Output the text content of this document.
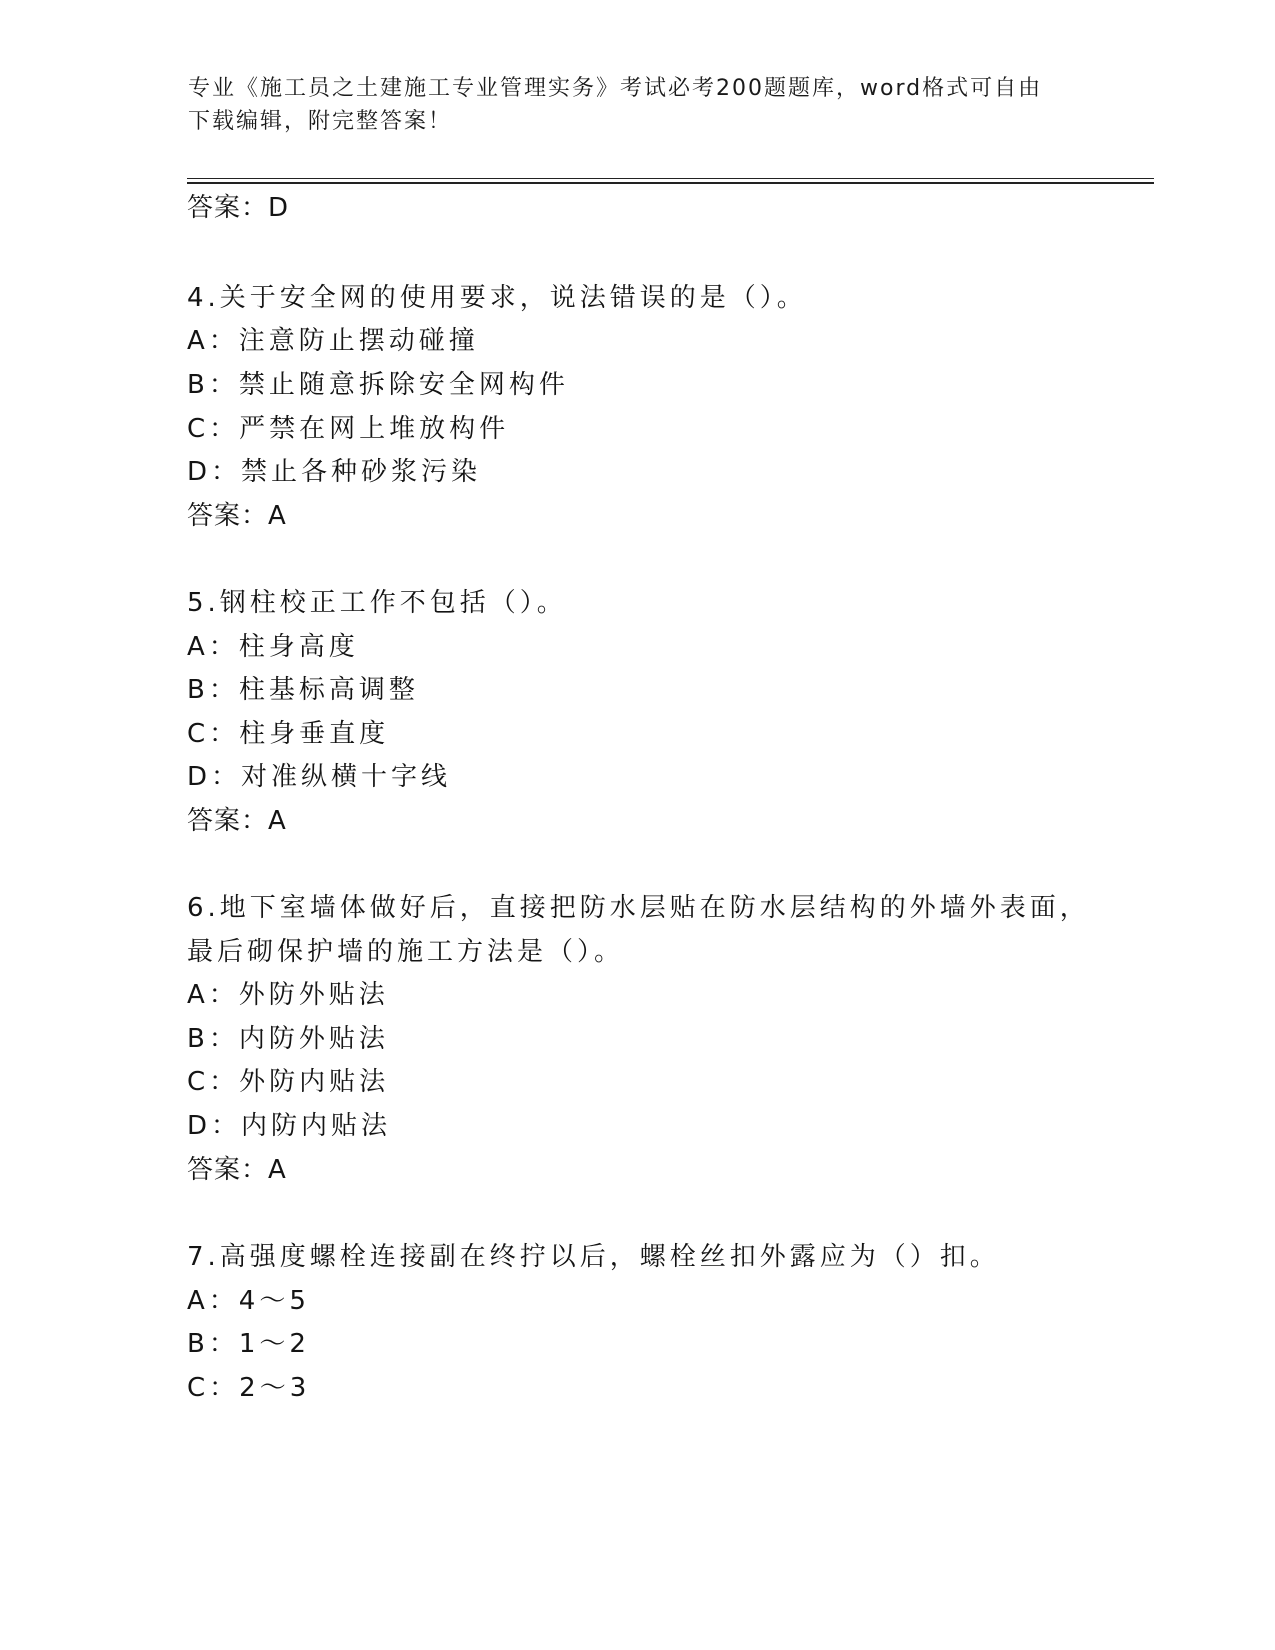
专业《施工员之土建施工专业管理实务》考试必考200题题库，word格式可自由
下载编辑，附完整答案！
答案：D
4.关于安全网的使用要求，说法错误的是（）。
A：注意防止摆动碰撞
B：禁止随意拆除安全网构件
C：严禁在网上堆放构件
D：禁止各种砂浆污染
答案：A
5.钢柱校正工作不包括（）。
A：柱身高度
B：柱基标高调整
C：柱身垂直度
D：对准纵横十字线
答案：A
6.地下室墙体做好后，直接把防水层贴在防水层结构的外墙外表面，
最后砌保护墙的施工方法是（）。
A：外防外贴法
B：内防外贴法
C：外防内贴法
D：内防内贴法
答案：A
7.高强度螺栓连接副在终拧以后，螺栓丝扣外露应为（）扣。
A：4～5
B：1～2
C：2～3
